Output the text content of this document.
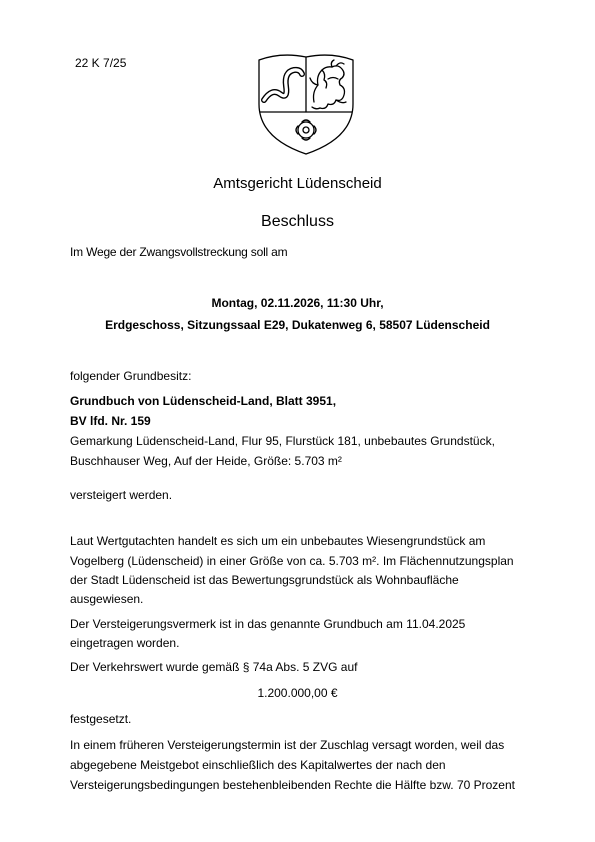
22 K 7/25
Amtsgericht Lüdenscheid
Beschluss
Im Wege der Zwangsvollstreckung soll am
Montag, 02.11.2026, 11:30 Uhr,
Erdgeschoss, Sitzungssaal E29, Dukatenweg 6, 58507 Lüdenscheid
folgender Grundbesitz:
Grundbuch von Lüdenscheid-Land, Blatt 3951,
BV lfd. Nr. 159
Gemarkung Lüdenscheid-Land, Flur 95, Flurstück 181, unbebautes Grundstück,
Buschhauser Weg, Auf der Heide, Größe: 5.703 m²
versteigert werden.
Laut Wertgutachten handelt es sich um ein unbebautes Wiesengrundstück am
Vogelberg (Lüdenscheid) in einer Größe von ca. 5.703 m². Im Flächennutzungsplan
der Stadt Lüdenscheid ist das Bewertungsgrundstück als Wohnbaufläche
ausgewiesen.
Der Versteigerungsvermerk ist in das genannte Grundbuch am 11.04.2025
eingetragen worden.
Der Verkehrswert wurde gemäß § 74a Abs. 5 ZVG auf
1.200.000,00 €
festgesetzt.
In einem früheren Versteigerungstermin ist der Zuschlag versagt worden, weil das
abgegebene Meistgebot einschließlich des Kapitalwertes der nach den
Versteigerungsbedingungen bestehenbleibenden Rechte die Hälfte bzw. 70 Prozent
